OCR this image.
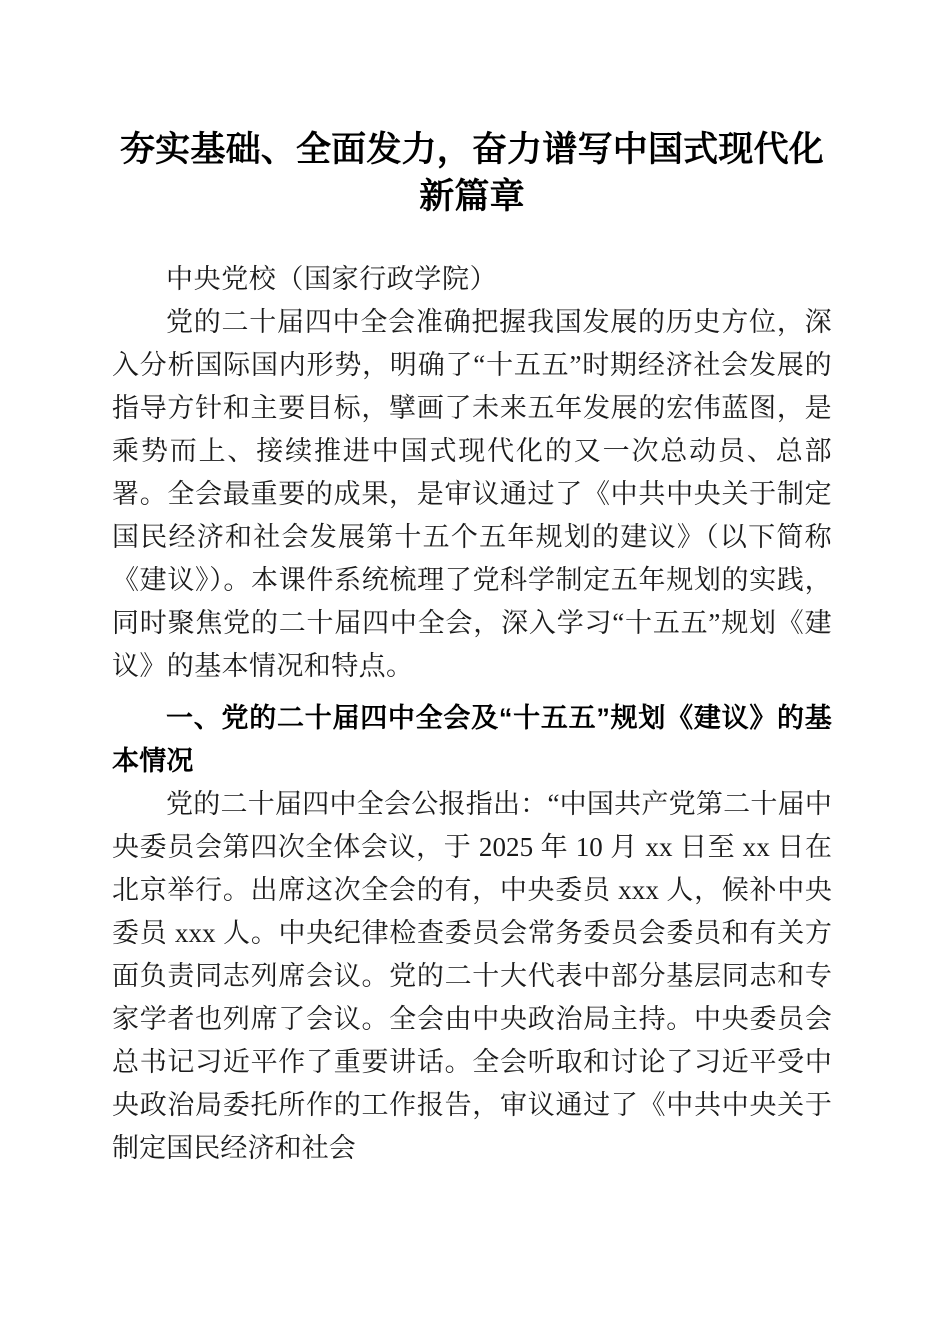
夯实基础、全面发力，奋力谱写中国式现代化新篇章

中央党校（国家行政学院）

党的二十届四中全会准确把握我国发展的历史方位，深入分析国际国内形势，明确了“十五五”时期经济社会发展的指导方针和主要目标，擘画了未来五年发展的宏伟蓝图，是乘势而上、接续推进中国式现代化的又一次总动员、总部署。全会最重要的成果，是审议通过了《中共中央关于制定国民经济和社会发展第十五个五年规划的建议》（以下简称《建议》）。本课件系统梳理了党科学制定五年规划的实践，同时聚焦党的二十届四中全会，深入学习“十五五”规划《建议》的基本情况和特点。

一、党的二十届四中全会及“十五五”规划《建议》的基本情况

党的二十届四中全会公报指出：“中国共产党第二十届中央委员会第四次全体会议，于 2025 年 10 月 xx 日至 xx 日在北京举行。出席这次全会的有，中央委员 xxx 人，候补中央委员 xxx 人。中央纪律检查委员会常务委员会委员和有关方面负责同志列席会议。党的二十大代表中部分基层同志和专家学者也列席了会议。全会由中央政治局主持。中央委员会总书记习近平作了重要讲话。全会听取和讨论了习近平受中央政治局委托所作的工作报告，审议通过了《中共中央关于制定国民经济和社会
